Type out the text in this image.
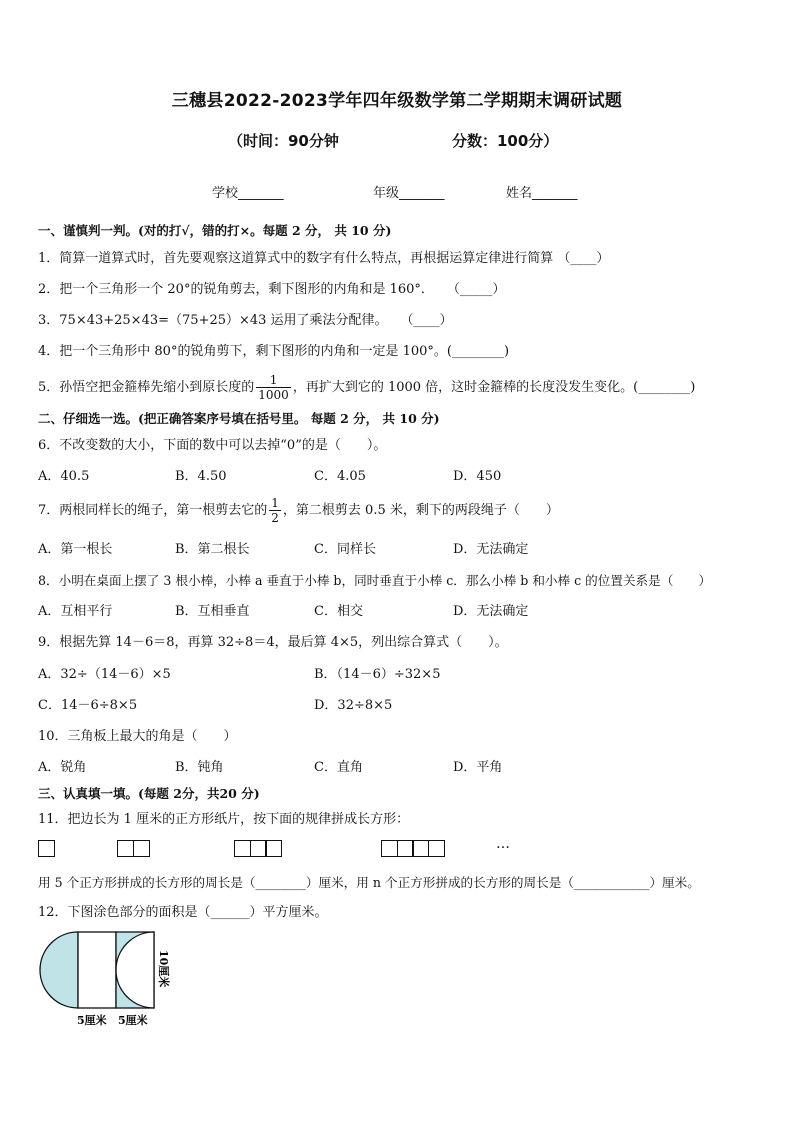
三穗县2022-2023学年四年级数学第二学期期末调研试题
（时间：90分钟	分数：100分）
学校_______	年级_______	姓名_______
一、谨慎判一判。(对的打√，错的打×。每题 2 分， 共 10 分)
1．简算一道算式时，首先要观察这道算式中的数字有什么特点，再根据运算定律进行简算 （____）
2．把一个三角形一个 20°的锐角剪去，剩下图形的内角和是 160°．　　（_____）
3．75×43+25×43=（75+25）×43 运用了乘法分配律。　　（____）
4．把一个三角形中 80°的锐角剪下，剩下图形的内角和一定是 100°。(________)
5．孙悟空把金箍棒先缩小到原长度的 $\frac{1}{1000}$ ，再扩大到它的 1000 倍，这时金箍棒的长度没发生变化。(________)
二、仔细选一选。(把正确答案序号填在括号里。 每题 2 分， 共 10 分)
6．不改变数的大小，下面的数中可以去掉“0”的是（　　）。
A．40.5	B．4.50	C．4.05	D．450
7．两根同样长的绳子，第一根剪去它的 $\frac{1}{2}$ ，第二根剪去 0.5 米，剩下的两段绳子（　　）
A．第一根长	B．第二根长	C．同样长	D．无法确定
8．小明在桌面上摆了 3 根小棒，小棒 a 垂直于小棒 b，同时垂直于小棒 c．那么小棒 b 和小棒 c 的位置关系是（　　）
A．互相平行	B．互相垂直	C．相交	D．无法确定
9．根据先算 14－6＝8，再算 32÷8＝4，最后算 4×5，列出综合算式（　　）。
A．32÷（14－6）×5	B．（14－6）÷32×5
C．14－6÷8×5	D．32÷8×5
10．三角板上最大的角是（　　）
A．锐角	B．钝角	C．直角	D．平角
三、认真填一填。(每题 2分，共20 分)
11．把边长为 1 厘米的正方形纸片，按下面的规律拼成长方形：
…
用 5 个正方形拼成的长方形的周长是（________）厘米，用 n 个正方形拼成的长方形的周长是（____________）厘米。
12．下图涂色部分的面积是（______）平方厘米。
10厘米
5厘米 5厘米
